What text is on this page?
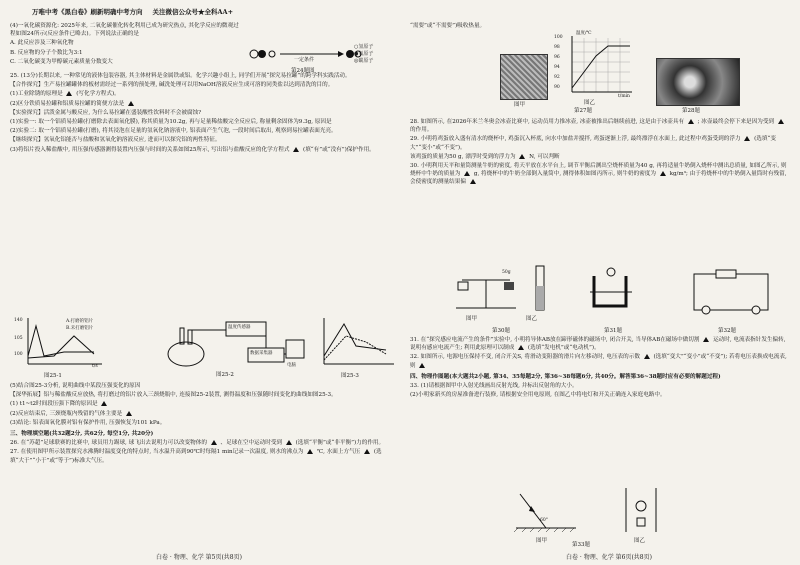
万唯中考《黑白卷》刷新明确中考方向 关注微信公众号★全科AA+

(4)一氧化碳资源化: 2025年来, 二氧化碳催化转化利用已成为研究热点, 其化学反应的微观过程如图24所示(反应条件已略去)。下列说法正确的是

A. 此反应涉及三种氧化物

B. 反应物的分子个数比为3:1

C. 二氧化碳变为甲醇碳元素质量分数变大

25. (13分)长期以来, 一种常见的液体包装容器, 其主体材料是金属铁或铝。化学兴趣小组上, 同学们开展“探究易拉罐”的跨学科实践活动。

【合作探究】生产易拉罐罐体的板材需经过一系列的预处理, 碱洗处理可以用NaOH溶液反应生成可溶的同类盐以达到清洗的目的。

(1)工业除锈的原理是 (写化学方程式)。

(2)区分铁质易拉罐和铝质易拉罐的简便方法是

【实验探究】活泼金属与酸反应, 为什么易拉罐在盛装酸性饮料时不会被腐蚀?

(1)实验一: 取一个铝质易拉罐(打磨除去表面氧化膜), 称其质量为10.2g, 再与足量稀盐酸完全反应后, 称量剩余固体为9.3g, 原因是

(2)实验二: 取一个铝质易拉罐(打磨), 将其浸泡在足量的氢氧化钠溶液中, 铝表面产生气泡, 一段时间后取出, 观察到易拉罐表面光亮。

【继续探究】氢氧化铝能否与盐酸和氢氧化钠溶液反应, 进而可以探究铝的两性特征。

(3)将铝片投入稀盐酸中, 用压强传感器测得装置内压强与时间的关系如图25所示, 写出铝与盐酸反应的化学方程式 (填“有”或“没有”)保护作用。

一定条件
第24题图
○氢原子
●氧原子
◎碳原子
140
105
100
A.打磨的铝片
B.未打磨铝片
t/s
图25-1
温度传感器
数据采集器
电脑
图25-2	图25-3

(5)结合图25-3分析, 说明曲线中某段压强变化的原因

【深华拓展】铝与稀盐酸反应放热, 将打磨过的铝片放入三颈烧瓶中, 连接图25-2装置, 测得温度和压强随时间变化的曲线如图25-3。

(1) t1~t2时间段压强下降的原因是

(2)反应结束后, 三颈烧瓶内残留的气体主要是

(3)结论: 铝表面氧化膜对铝有保护作用, 压强恢复为101 kPa。

三、物理填空题(共32题2分, 共62分, 每空1分, 共20分)

26. 在“苏超”足球联赛的比赛中, 球员用力踢球, 球飞出去说明力可以改变物体的 、足球在空中运动时受到 (选填“平衡”或“非平衡”)力的作用。

27. 在使用图甲所示装置探究水沸腾时温度变化的特点时, 当水温升高到90℃时每隔1 min记录一次温度, 则水的沸点为 ℃, 水面上方气压 (选填“大于”“小于”或“等于”)标准大气压。

“需要”或“不需要”)吸收热量。

图甲
100
98
96
94
92
90
温度/℃
t/min
图乙
第27题	第28题

28. 如图所示, 在2026年米兰冬奥会冰壶比赛中, 运动员用力推冰壶, 冰壶被推出后继续前进, 这是由于冰壶具有 ; 冰壶最终会停下来是因为受到  的作用。

29. 小明将鸡蛋放入盛有清水的烧杯中, 鸡蛋沉入杯底, 向水中加盐并搅拌, 鸡蛋逐渐上浮, 最终漂浮在水面上, 此过程中鸡蛋受到的浮力 (选填“变大”“变小”或“不变”)。

该鸡蛋的质量为50 g, 漂浮时受到的浮力为 N, 可以判断

30. 小明利用天平和量筒测量牛奶的密度, 将天平放在水平台上, 调节平衡后测出空烧杯质量为40 g, 再将适量牛奶倒入烧杯中测出总质量, 如图乙所示, 则烧杯中牛奶的质量为 g, 将烧杯中的牛奶全部倒入量筒中, 测得体积如图丙所示, 则牛奶的密度为 kg/m³; 由于将烧杯中的牛奶倒入量筒时有残留, 会使密度的测量结果偏

50g
图甲	图乙
第30题	第31题	第32题

31. 在“探究感应电流产生的条件”实验中, 小明将导体AB放在蹄形磁体的磁场中, 闭合开关, 当导体AB在磁场中做切割 运动时, 电流表指针发生偏转, 说明有感应电流产生; 利用此原理可以制成 (选填“发电机”或“电动机”)。

32. 如图所示, 电源电压保持不变, 闭合开关S, 将滑动变阻器的滑片向左移动时, 电压表的示数 (选填“变大”“变小”或“不变”); 若将电压表换成电流表, 则

四、物理作图题(本大题共2小题, 第34、35每题2分, 第36~38每题6分, 共40分。解答第36~38题时应有必要的解题过程)

33. (1)请根据图甲中入射光线画出反射光线, 并标出反射角的大小。

(2)小明家新买的房屋准备进行装修, 请根据安全用电原则, 在图乙中将电灯和开关正确连入家庭电路中。

60°
图甲	图乙
第33题
白卷 · 物理、化学 第5页(共8页)	白卷 · 物理、化学 第6页(共8页)
